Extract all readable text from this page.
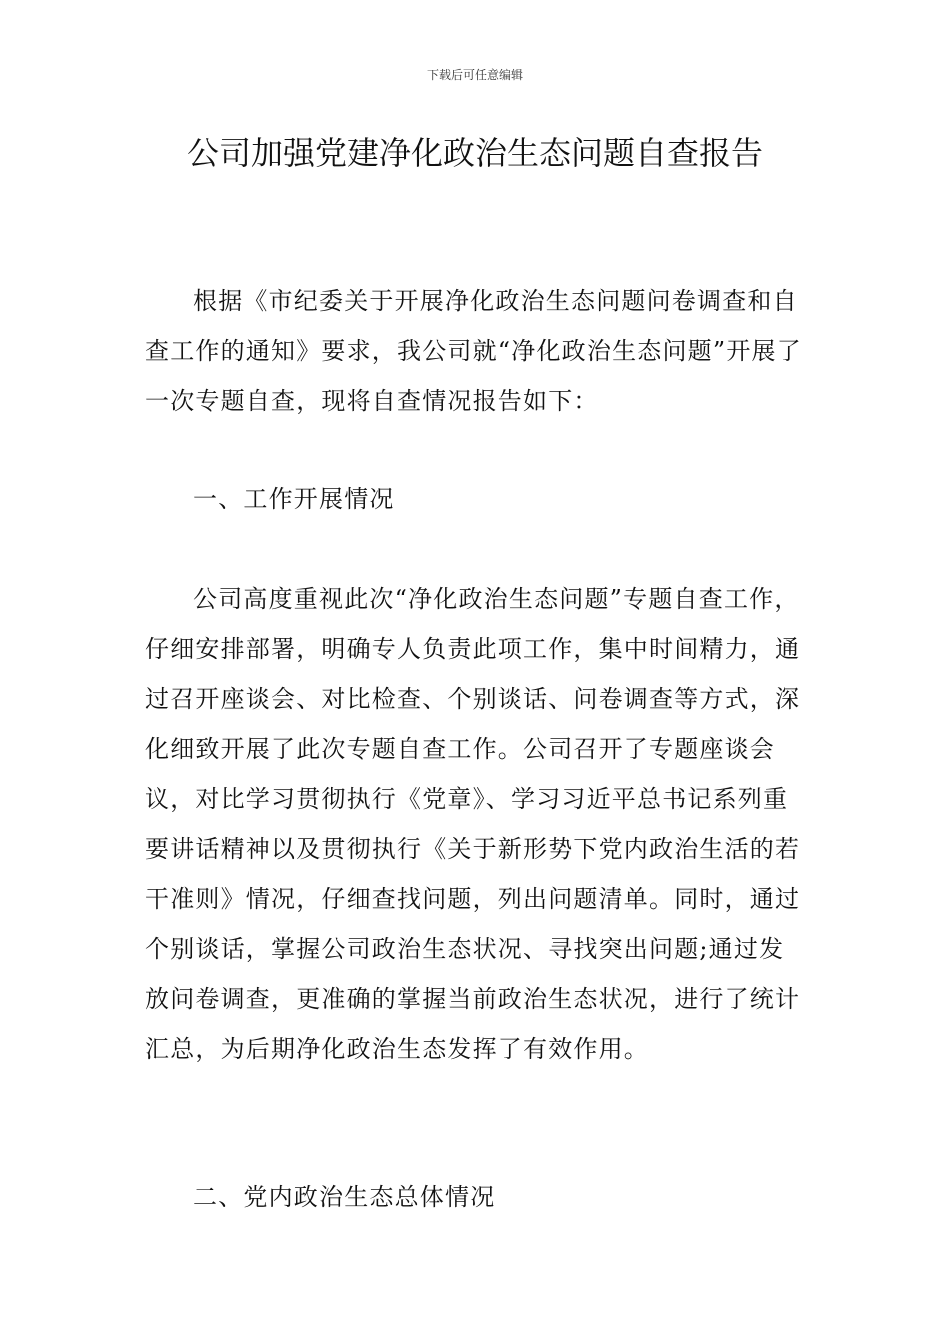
下载后可任意编辑
公司加强党建净化政治生态问题自查报告

根据《市纪委关于开展净化政治生态问题问卷调查和自查工作的通知》要求，我公司就“净化政治生态问题”开展了一次专题自查，现将自查情况报告如下：

一、工作开展情况

公司高度重视此次“净化政治生态问题”专题自查工作，仔细安排部署，明确专人负责此项工作，集中时间精力，通过召开座谈会、对比检查、个别谈话、问卷调查等方式，深化细致开展了此次专题自查工作。公司召开了专题座谈会议，对比学习贯彻执行《党章》、学习习近平总书记系列重要讲话精神以及贯彻执行《关于新形势下党内政治生活的若干准则》情况，仔细查找问题，列出问题清单。同时，通过个别谈话，掌握公司政治生态状况、寻找突出问题;通过发放问卷调查，更准确的掌握当前政治生态状况，进行了统计汇总，为后期净化政治生态发挥了有效作用。

二、党内政治生态总体情况
